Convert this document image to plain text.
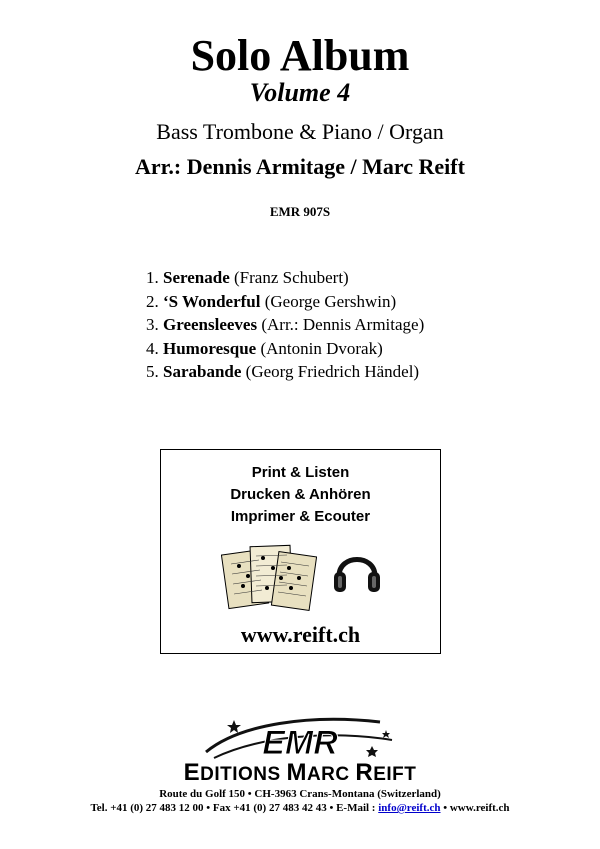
Solo Album
Volume 4
Bass Trombone & Piano / Organ
Arr.: Dennis Armitage / Marc Reift
EMR 907S
1. Serenade (Franz Schubert)
2. ‘S Wonderful (George Gershwin)
3. Greensleeves (Arr.: Dennis Armitage)
4. Humoresque (Antonin Dvorak)
5. Sarabande (Georg Friedrich Händel)
Print & Listen
Drucken & Anhören
Imprimer & Ecouter
www.reift.ch
EMR
EDITIONS MARC REIFT
Route du Golf 150 • CH-3963 Crans-Montana (Switzerland)
Tel. +41 (0) 27 483 12 00 • Fax +41 (0) 27 483 42 43 • E-Mail : info@reift.ch • www.reift.ch
